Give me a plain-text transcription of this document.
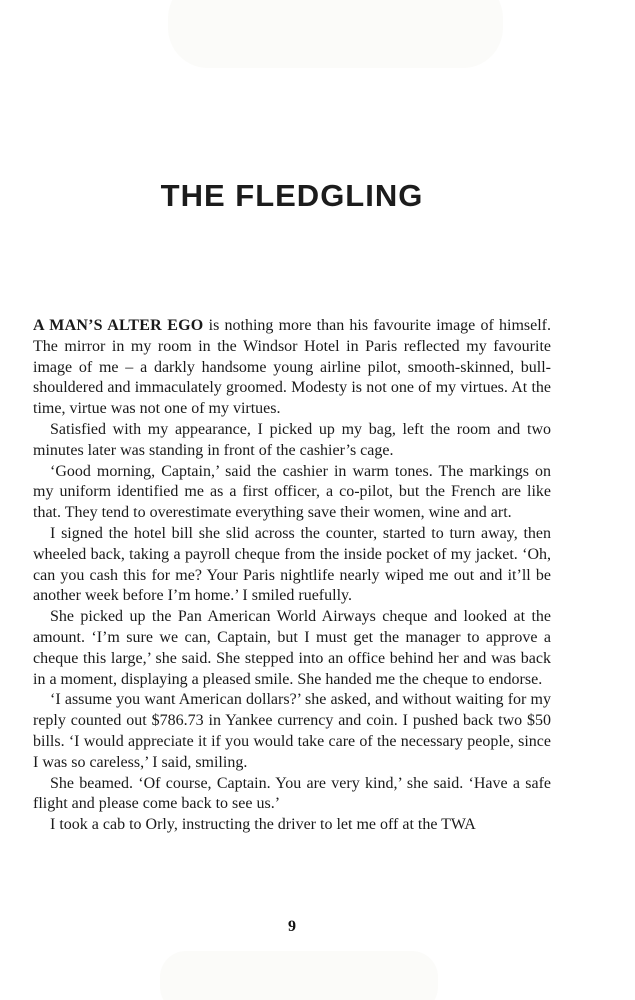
THE FLEDGLING

A MAN’S ALTER EGO is nothing more than his favourite image of himself. The mirror in my room in the Windsor Hotel in Paris reflected my favourite image of me – a darkly handsome young airline pilot, smooth-skinned, bull-shouldered and immaculately groomed. Modesty is not one of my virtues. At the time, virtue was not one of my virtues.

Satisfied with my appearance, I picked up my bag, left the room and two minutes later was standing in front of the cashier’s cage.

‘Good morning, Captain,’ said the cashier in warm tones. The markings on my uniform identified me as a first officer, a co-pilot, but the French are like that. They tend to overestimate everything save their women, wine and art.

I signed the hotel bill she slid across the counter, started to turn away, then wheeled back, taking a payroll cheque from the inside pocket of my jacket. ‘Oh, can you cash this for me? Your Paris nightlife nearly wiped me out and it’ll be another week before I’m home.’ I smiled ruefully.

She picked up the Pan American World Airways cheque and looked at the amount. ‘I’m sure we can, Captain, but I must get the manager to approve a cheque this large,’ she said. She stepped into an office behind her and was back in a moment, displaying a pleased smile. She handed me the cheque to endorse.

‘I assume you want American dollars?’ she asked, and without waiting for my reply counted out $786.73 in Yankee currency and coin. I pushed back two $50 bills. ‘I would appreciate it if you would take care of the necessary people, since I was so careless,’ I said, smiling.

She beamed. ‘Of course, Captain. You are very kind,’ she said. ‘Have a safe flight and please come back to see us.’

I took a cab to Orly, instructing the driver to let me off at the TWA

9
